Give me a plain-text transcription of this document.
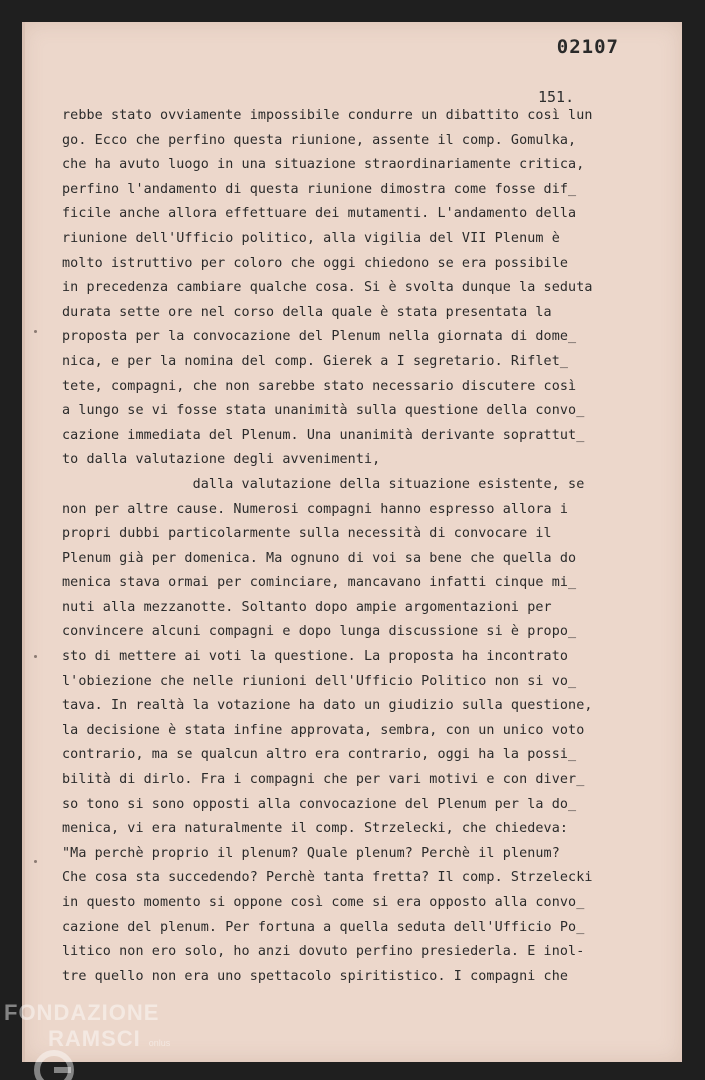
02107
151.
rebbe stato ovviamente impossibile condurre un dibattito così lun
go. Ecco che perfino questa riunione, assente il comp. Gomulka,
che ha avuto luogo in una situazione straordinariamente critica,
perfino l'andamento di questa riunione dimostra come fosse dif_
ficile anche allora effettuare dei mutamenti. L'andamento della
riunione dell'Ufficio politico, alla vigilia del VII Plenum è
molto istruttivo per coloro che oggi chiedono se era possibile
in precedenza cambiare qualche cosa. Si è svolta dunque la seduta
durata sette ore nel corso della quale è stata presentata la
proposta per la convocazione del Plenum nella giornata di dome_
nica, e per la nomina del comp. Gierek a I segretario. Riflet_
tete, compagni, che non sarebbe stato necessario discutere così
a lungo se vi fosse stata unanimità sulla questione della convo_
cazione immediata del Plenum. Una unanimità derivante soprattut_
to dalla valutazione degli avvenimenti,
dalla valutazione della situazione esistente, se
non per altre cause. Numerosi compagni hanno espresso allora i
propri dubbi particolarmente sulla necessità di convocare il
Plenum già per domenica. Ma ognuno di voi sa bene che quella do
menica stava ormai per cominciare, mancavano infatti cinque mi_
nuti alla mezzanotte. Soltanto dopo ampie argomentazioni per
convincere alcuni compagni e dopo lunga discussione si è propo_
sto di mettere ai voti la questione. La proposta ha incontrato
l'obiezione che nelle riunioni dell'Ufficio Politico non si vo_
tava. In realtà la votazione ha dato un giudizio sulla questione,
la decisione è stata infine approvata, sembra, con un unico voto
contrario, ma se qualcun altro era contrario, oggi ha la possi_
bilità di dirlo. Fra i compagni che per vari motivi e con diver_
so tono si sono opposti alla convocazione del Plenum per la do_
menica, vi era naturalmente il comp. Strzelecki, che chiedeva:
"Ma perchè proprio il plenum? Quale plenum? Perchè il plenum?
Che cosa sta succedendo? Perchè tanta fretta? Il comp. Strzelecki
in questo momento si oppone così come si era opposto alla convo_
cazione del plenum. Per fortuna a quella seduta dell'Ufficio Po_
litico non ero solo, ho anzi dovuto perfino presiederla. E inol-
tre quello non era uno spettacolo spiritistico. I compagni che
FONDAZIONE
RAMSCI onlus
